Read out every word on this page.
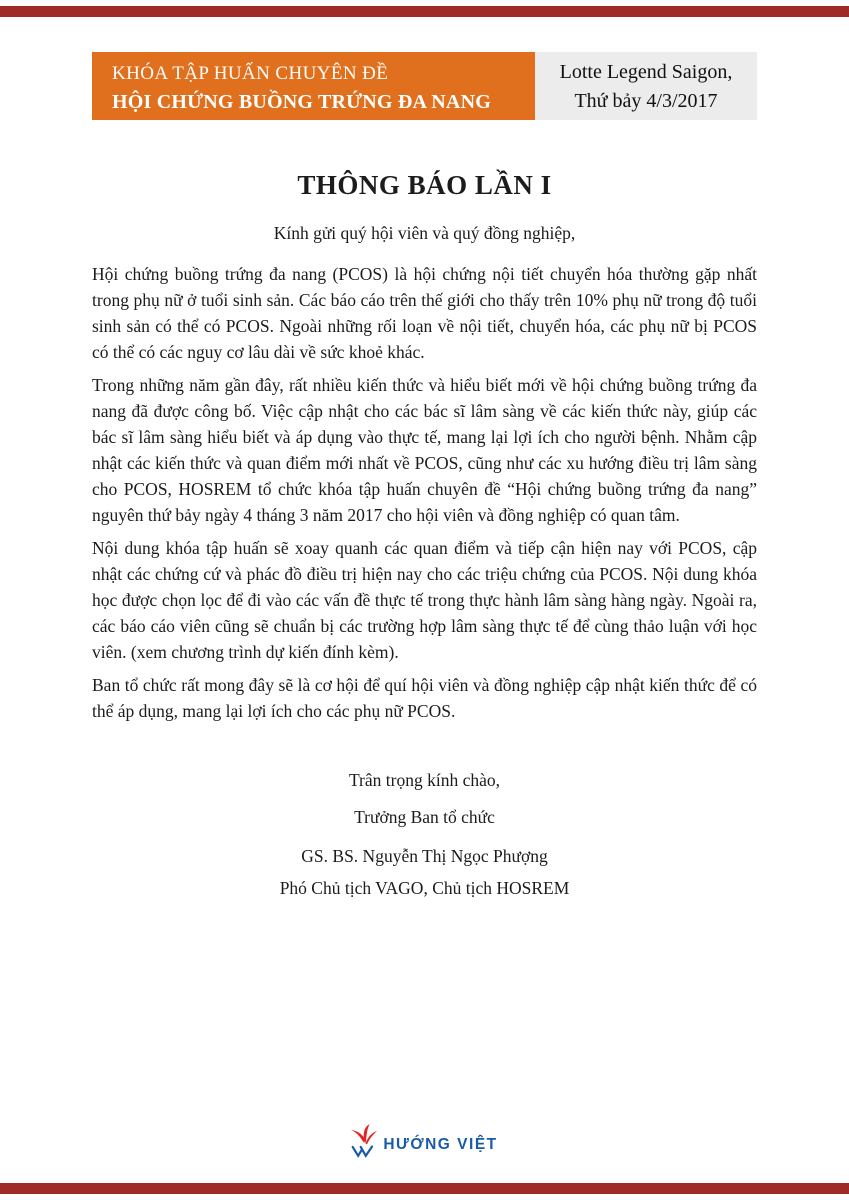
KHÓA TẬP HUẤN CHUYÊN ĐỀ
HỘI CHỨNG BUỒNG TRỨNG ĐA NANG
Lotte Legend Saigon,
Thứ bảy 4/3/2017
THÔNG BÁO LẦN I
Kính gửi quý hội viên và quý đồng nghiệp,

Hội chứng buồng trứng đa nang (PCOS) là hội chứng nội tiết chuyển hóa thường gặp nhất trong phụ nữ ở tuổi sinh sản. Các báo cáo trên thế giới cho thấy trên 10% phụ nữ trong độ tuổi sinh sản có thể có PCOS. Ngoài những rối loạn về nội tiết, chuyển hóa, các phụ nữ bị PCOS có thể có các nguy cơ lâu dài về sức khoẻ khác.

Trong những năm gần đây, rất nhiều kiến thức và hiểu biết mới về hội chứng buồng trứng đa nang đã được công bố. Việc cập nhật cho các bác sĩ lâm sàng về các kiến thức này, giúp các bác sĩ lâm sàng hiểu biết và áp dụng vào thực tế, mang lại lợi ích cho người bệnh. Nhằm cập nhật các kiến thức và quan điểm mới nhất về PCOS, cũng như các xu hướng điều trị lâm sàng cho PCOS, HOSREM tổ chức khóa tập huấn chuyên đề “Hội chứng buồng trứng đa nang” nguyên thứ bảy ngày 4 tháng 3 năm 2017 cho hội viên và đồng nghiệp có quan tâm.

Nội dung khóa tập huấn sẽ xoay quanh các quan điểm và tiếp cận hiện nay với PCOS, cập nhật các chứng cứ và phác đồ điều trị hiện nay cho các triệu chứng của PCOS. Nội dung khóa học được chọn lọc để đi vào các vấn đề thực tế trong thực hành lâm sàng hàng ngày. Ngoài ra, các báo cáo viên cũng sẽ chuẩn bị các trường hợp lâm sàng thực tế để cùng thảo luận với học viên. (xem chương trình dự kiến đính kèm).

Ban tổ chức rất mong đây sẽ là cơ hội để quí hội viên và đồng nghiệp cập nhật kiến thức để có thể áp dụng, mang lại lợi ích cho các phụ nữ PCOS.

Trân trọng kính chào,
Trưởng Ban tổ chức
GS. BS. Nguyễn Thị Ngọc Phượng
Phó Chủ tịch VAGO, Chủ tịch HOSREM
HƯỚNG VIỆT
